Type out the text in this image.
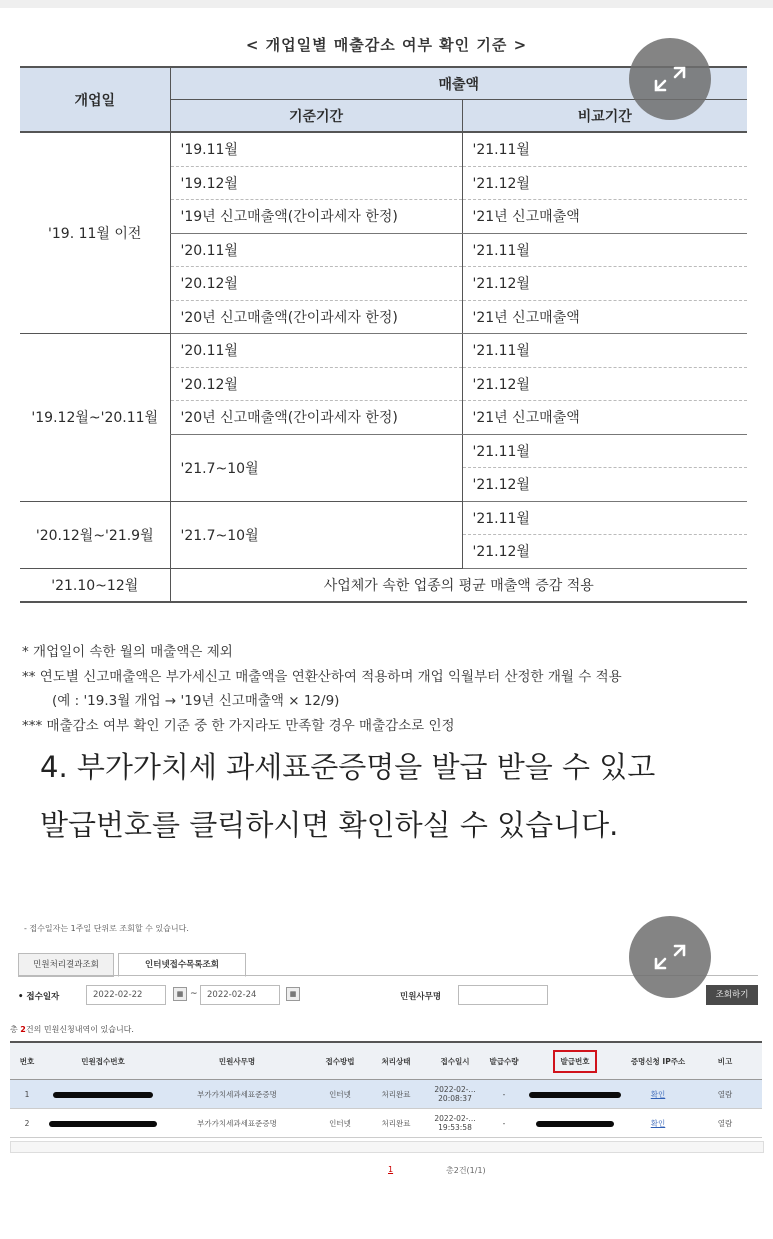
< 개업일별 매출감소 여부 확인 기준 >
개업일	매출액	
	기준기간	비교기간
'19. 11월 이전	'19.11월	'21.11월
	'19.12월	'21.12월
	'19년 신고매출액(간이과세자 한정)	'21년 신고매출액
	'20.11월	'21.11월
	'20.12월	'21.12월
	'20년 신고매출액(간이과세자 한정)	'21년 신고매출액
'19.12월~'20.11월	'20.11월	'21.11월
	'20.12월	'21.12월
	'20년 신고매출액(간이과세자 한정)	'21년 신고매출액
	'21.7~10월	'21.11월
		'21.12월
'20.12월~'21.9월	'21.7~10월	'21.11월
		'21.12월
'21.10~12월	사업체가 속한 업종의 평균 매출액 증감 적용	
* 개업일이 속한 월의 매출액은 제외
** 연도별 신고매출액은 부가세신고 매출액을 연환산하여 적용하며 개업 익월부터 산정한 개월 수 적용
(예 : '19.3월 개업 → '19년 신고매출액 × 12/9)
*** 매출감소 여부 확인 기준 중 한 가지라도 만족할 경우 매출감소로 인정
4. 부가가치세 과세표준증명을 발급 받을 수 있고
발급번호를 클릭하시면 확인하실 수 있습니다.
- 접수일자는 1주일 단위로 조회할 수 있습니다.
민원처리결과조회	인터넷접수목록조회
• 접수일자	2022-02-22	▦ ~	2022-02-24	▦	민원사무명	조회하기
총 2건의 민원신청내역이 있습니다.
번호	민원접수번호	민원사무명	접수방법	처리상태	접수일시	발급수량	발급번호	증명신청 IP주소	비고
1		부가가치세과세표준증명	인터넷	처리완료	2022-02-... 20:08:37	-		확인	열람
2		부가가치세과세표준증명	인터넷	처리완료	2022-02-... 19:53:58	-		확인	열람
1	총2건(1/1)
